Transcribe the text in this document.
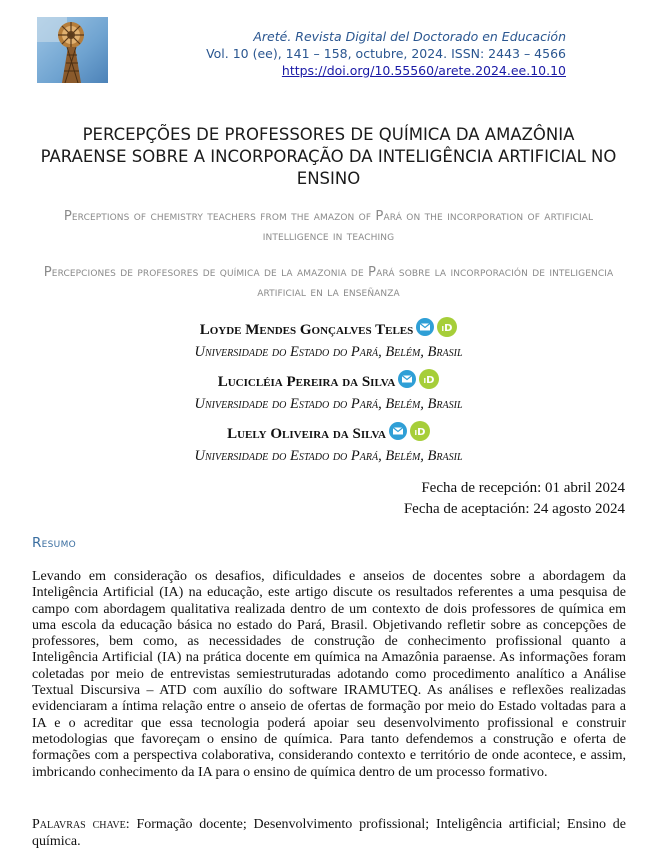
Areté. Revista Digital del Doctorado en Educación
Vol. 10 (ee), 141 – 158, octubre, 2024. ISSN: 2443 – 4566
https://doi.org/10.55560/arete.2024.ee.10.10
PERCEPÇÕES DE PROFESSORES DE QUÍMICA DA AMAZÔNIA PARAENSE SOBRE A INCORPORAÇÃO DA INTELIGÊNCIA ARTIFICIAL NO ENSINO
Perceptions of chemistry teachers from the amazon of Pará on the incorporation of artificial intelligence in teaching
Percepciones de profesores de química de la amazonia de Pará sobre la incorporación de inteligencia artificial en la enseñanza
Loyde Mendes Gonçalves Teles	iD
Universidade do Estado do Pará, Belém, Brasil
Lucicléia Pereira da Silva	iD
Universidade do Estado do Pará, Belém, Brasil
Luely Oliveira da Silva	iD
Universidade do Estado do Pará, Belém, Brasil
Fecha de recepción: 01 abril 2024
Fecha de aceptación: 24 agosto 2024
Resumo

Levando em consideração os desafios, dificuldades e anseios de docentes sobre a abordagem da Inteligência Artificial (IA) na educação, este artigo discute os resultados referentes a uma pesquisa de campo com abordagem qualitativa realizada dentro de um contexto de dois professores de química em uma escola da educação básica no estado do Pará, Brasil. Objetivando refletir sobre as concepções de professores, bem como, as necessidades de construção de conhecimento profissional quanto a Inteligência Artificial (IA) na prática docente em química na Amazônia paraense. As informações foram coletadas por meio de entrevistas semiestruturadas adotando como procedimento analítico a Análise Textual Discursiva – ATD com auxílio do software IRAMUTEQ. As análises e reflexões realizadas evidenciaram a íntima relação entre o anseio de ofertas de formação por meio do Estado voltadas para a IA e o acreditar que essa tecnologia poderá apoiar seu desenvolvimento profissional e construir metodologias que favoreçam o ensino de química. Para tanto defendemos a construção e oferta de formações com a perspectiva colaborativa, considerando contexto e território de onde acontece, e assim, imbricando conhecimento da IA para o ensino de química dentro de um processo formativo.

Palavras chave: Formação docente; Desenvolvimento profissional; Inteligência artificial; Ensino de química.
